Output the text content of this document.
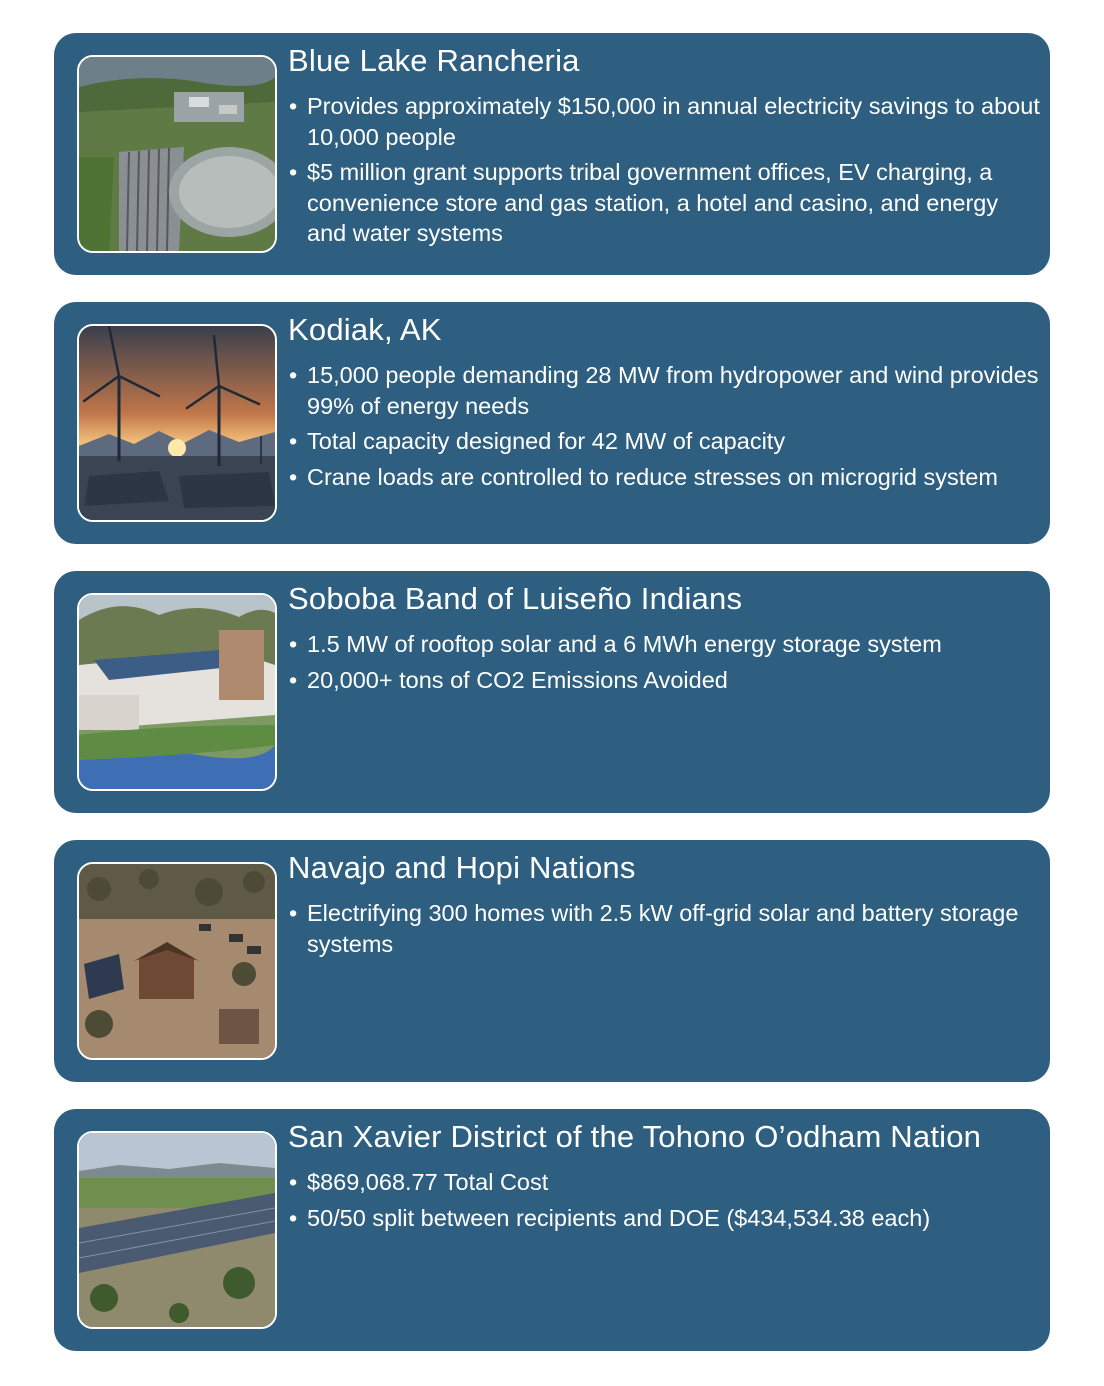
Blue Lake Rancheria
• Provides approximately $150,000 in annual electricity savings to about 10,000 people
• $5 million grant supports tribal government offices, EV charging, a convenience store and gas station, a hotel and casino, and energy and water systems
Kodiak, AK
• 15,000 people demanding 28 MW from hydropower and wind provides 99% of energy needs
• Total capacity designed for 42 MW of capacity
• Crane loads are controlled to reduce stresses on microgrid system
Soboba Band of Luiseño Indians
• 1.5 MW of rooftop solar and a 6 MWh energy storage system
• 20,000+ tons of CO2 Emissions Avoided
Navajo and Hopi Nations
• Electrifying 300 homes with 2.5 kW off-grid solar and battery storage systems
San Xavier District of the Tohono O’odham Nation
• $869,068.77 Total Cost
• 50/50 split between recipients and DOE ($434,534.38 each)
